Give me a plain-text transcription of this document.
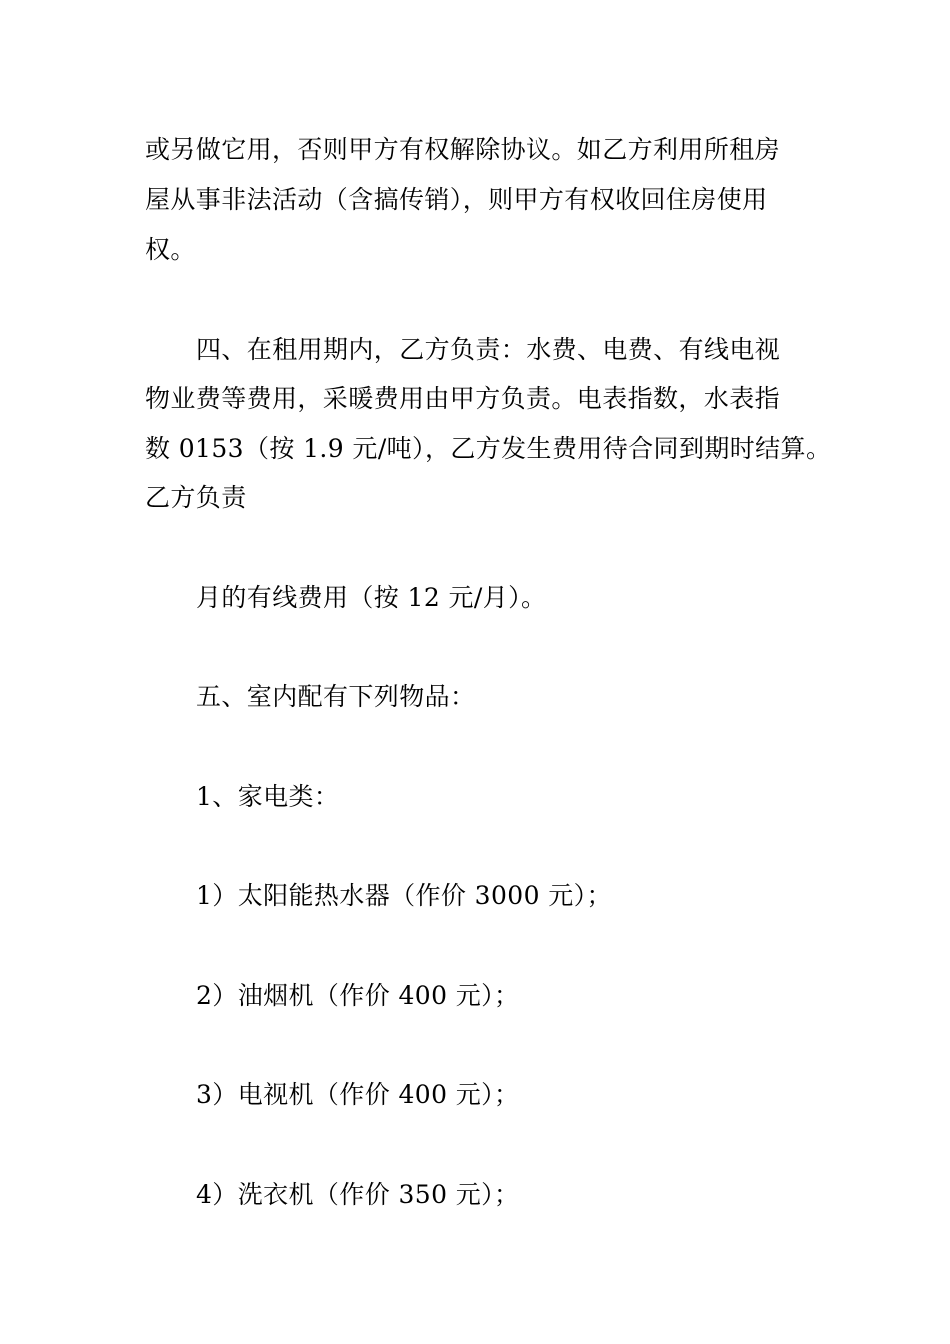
或另做它用，否则甲方有权解除协议。如乙方利用所租房
屋从事非法活动（含搞传销），则甲方有权收回住房使用
权。
四、在租用期内，乙方负责：水费、电费、有线电视
物业费等费用，采暖费用由甲方负责。电表指数，水表指
数 0153（按 1.9 元/吨），乙方发生费用待合同到期时结算。
乙方负责
月的有线费用（按 12 元/月）。
五、室内配有下列物品：
1、家电类：
1）太阳能热水器（作价 3000 元）；
2）油烟机（作价 400 元）；
3）电视机（作价 400 元）；
4）洗衣机（作价 350 元）；
